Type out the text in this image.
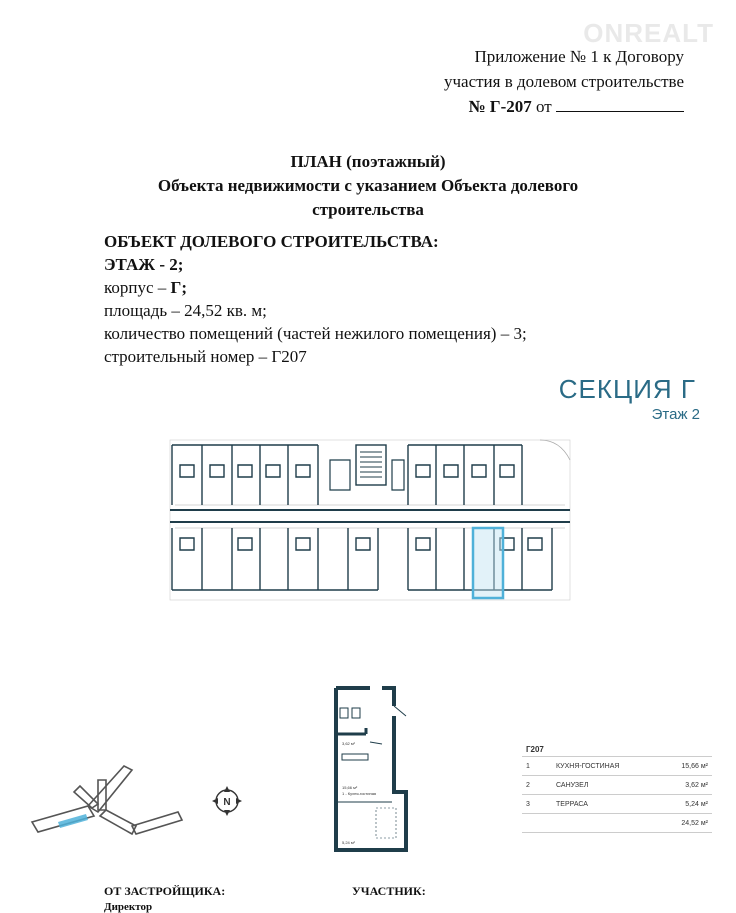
ONREALT
Приложение № 1 к Договору
участия в долевом строительстве
№ Г-207 от
ПЛАН (поэтажный)
Объекта недвижимости с указанием Объекта долевого
строительства
ОБЪЕКТ ДОЛЕВОГО СТРОИТЕЛЬСТВА:
ЭТАЖ - 2;
корпус – Г;
площадь – 24,52 кв. м;
количество помещений (частей нежилого помещения) – 3;
строительный номер – Г207
СЕКЦИЯ Г
Этаж 2
3,62 м²
15,66 м²
1 - Кухня-гостиная
5,24 м²
N
Г207		
1	КУХНЯ-ГОСТИНАЯ	15,66 м²
2	САНУЗЕЛ	3,62 м²
3	ТЕРРАСА	5,24 м²
		24,52 м²
ОТ ЗАСТРОЙЩИКА:	УЧАСТНИК:
Директор
